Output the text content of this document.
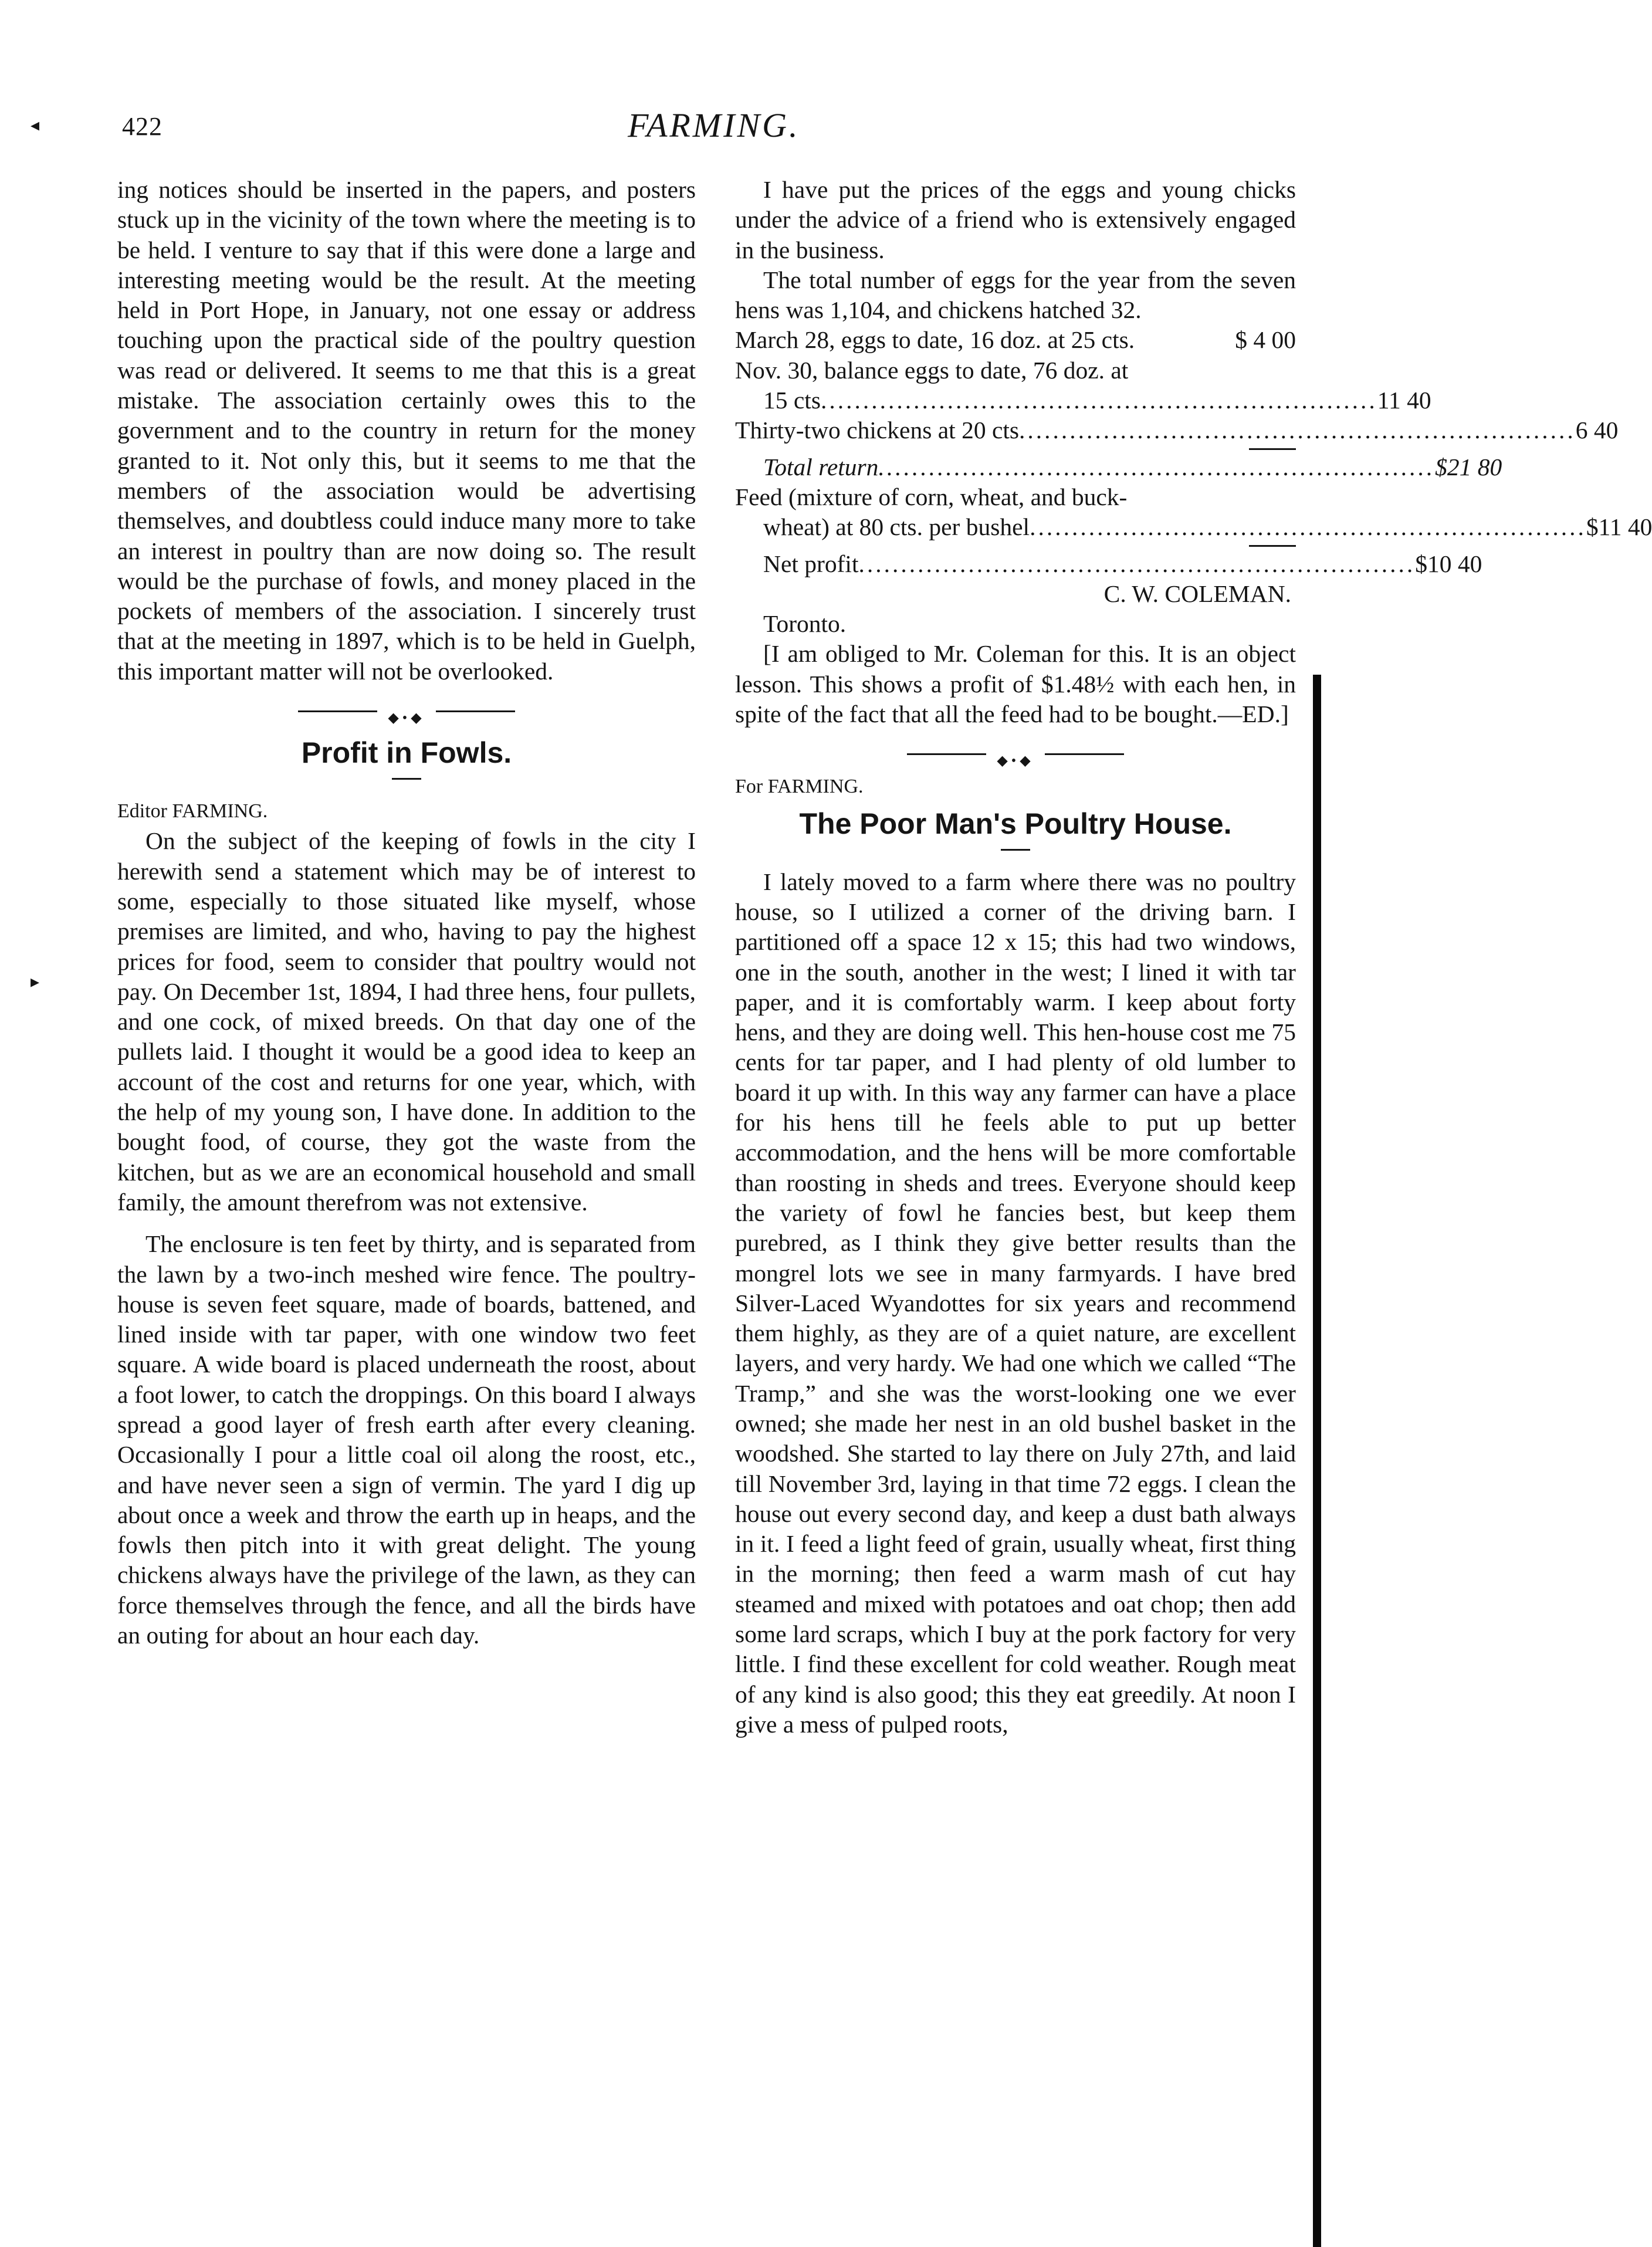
◂
▸
422	FARMING.

ing notices should be inserted in the papers, and posters stuck up in the vicinity of the town where the meeting is to be held. I venture to say that if this were done a large and interesting meeting would be the result. At the meeting held in Port Hope, in January, not one essay or address touching upon the practical side of the poultry question was read or delivered. It seems to me that this is a great mistake. The association certainly owes this to the government and to the country in return for the money granted to it. Not only this, but it seems to me that the members of the association would be advertising themselves, and doubtless could induce many more to take an interest in poultry than are now doing so. The result would be the purchase of fowls, and money placed in the pockets of members of the association. I sincerely trust that at the meeting in 1897, which is to be held in Guelph, this important matter will not be overlooked.

◆•◆
Profit in Fowls.

Editor FARMING.

On the subject of the keeping of fowls in the city I herewith send a statement which may be of interest to some, especially to those situated like myself, whose premises are limited, and who, having to pay the highest prices for food, seem to consider that poultry would not pay. On December 1st, 1894, I had three hens, four pullets, and one cock, of mixed breeds. On that day one of the pullets laid. I thought it would be a good idea to keep an account of the cost and returns for one year, which, with the help of my young son, I have done. In addition to the bought food, of course, they got the waste from the kitchen, but as we are an economical household and small family, the amount therefrom was not extensive.

The enclosure is ten feet by thirty, and is separated from the lawn by a two-inch meshed wire fence. The poultry-house is seven feet square, made of boards, battened, and lined inside with tar paper, with one window two feet square. A wide board is placed underneath the roost, about a foot lower, to catch the droppings. On this board I always spread a good layer of fresh earth after every cleaning. Occasionally I pour a little coal oil along the roost, etc., and have never seen a sign of vermin. The yard I dig up about once a week and throw the earth up in heaps, and the fowls then pitch into it with great delight. The young chickens always have the privilege of the lawn, as they can force themselves through the fence, and all the birds have an outing for about an hour each day.

I have put the prices of the eggs and young chicks under the advice of a friend who is extensively engaged in the business.

The total number of eggs for the year from the seven hens was 1,104, and chickens hatched 32.

March 28, eggs to date, 16 doz. at 25 cts.	$ 4 00
Nov. 30, balance eggs to date, 76 doz. at
15 cts .................................................................. 11 40
Thirty-two chickens at 20 cts .................................................................. 6 40
Total return .................................................................. $21 80
Feed (mixture of corn, wheat, and buck-
wheat) at 80 cts. per bushel .................................................................. $11 40
Net profit .................................................................. $10 40
C. W. COLEMAN.

Toronto.

[I am obliged to Mr. Coleman for this. It is an object lesson. This shows a profit of $1.48½ with each hen, in spite of the fact that all the feed had to be bought.—ED.]

◆•◆

For FARMING.

The Poor Man's Poultry House.

I lately moved to a farm where there was no poultry house, so I utilized a corner of the driving barn. I partitioned off a space 12 x 15; this had two windows, one in the south, another in the west; I lined it with tar paper, and it is comfortably warm. I keep about forty hens, and they are doing well. This hen-house cost me 75 cents for tar paper, and I had plenty of old lumber to board it up with. In this way any farmer can have a place for his hens till he feels able to put up better accommodation, and the hens will be more comfortable than roosting in sheds and trees. Everyone should keep the variety of fowl he fancies best, but keep them purebred, as I think they give better results than the mongrel lots we see in many farmyards. I have bred Silver-Laced Wyandottes for six years and recommend them highly, as they are of a quiet nature, are excellent layers, and very hardy. We had one which we called “The Tramp,” and she was the worst-looking one we ever owned; she made her nest in an old bushel basket in the woodshed. She started to lay there on July 27th, and laid till November 3rd, laying in that time 72 eggs. I clean the house out every second day, and keep a dust bath always in it. I feed a light feed of grain, usually wheat, first thing in the morning; then feed a warm mash of cut hay steamed and mixed with potatoes and oat chop; then add some lard scraps, which I buy at the pork factory for very little. I find these excellent for cold weather. Rough meat of any kind is also good; this they eat greedily. At noon I give a mess of pulped roots,
